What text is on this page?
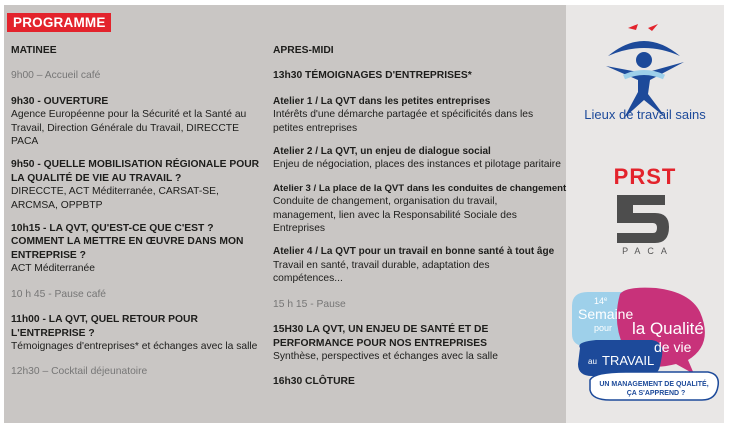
PROGRAMME

MATINEE

9h00 – Accueil café

9h30 - OUVERTURE

Agence Européenne pour la Sécurité et la Santé au Travail, Direction Générale du Travail, DIRECCTE PACA

9h50 - QUELLE MOBILISATION RÉGIONALE POUR LA QUALITÉ DE VIE AU TRAVAIL ?

DIRECCTE, ACT Méditerranée, CARSAT-SE, ARCMSA, OPPBTP

10h15 - LA QVT, QU'EST-CE QUE C'EST ? COMMENT LA METTRE EN ŒUVRE DANS MON ENTREPRISE ?

ACT Méditerranée

10 h 45 - Pause café

11h00 - LA QVT, QUEL RETOUR POUR L'ENTREPRISE ?

Témoignages d'entreprises* et échanges avec la salle

12h30 – Cocktail déjeunatoire

APRES-MIDI

13h30 TÉMOIGNAGES D'ENTREPRISES*

Atelier 1 / La QVT dans les petites entreprises

Intérêts d'une démarche partagée et spécificités dans les petites entreprises

Atelier 2 / La QVT, un enjeu de dialogue social

Enjeu de négociation, places des instances et pilotage paritaire

Atelier 3 / La place de la QVT dans les conduites de changement

Conduite de changement, organisation du travail, management, lien avec la Responsabilité Sociale des Entreprises

Atelier 4 / La QVT pour un travail en bonne santé à tout âge

Travail en santé, travail durable, adaptation des compétences...

15 h 15 - Pause

15H30 LA QVT, UN ENJEU DE SANTÉ ET DE PERFORMANCE POUR NOS ENTREPRISES

Synthèse, perspectives et échanges avec la salle

16h30 CLÔTURE

Lieux de travail sains
PRST
PACA
14e
Semaine
pour la Qualité
de vie
au TRAVAIL
UN MANAGEMENT DE QUALITÉ,
ÇA S'APPREND ?
